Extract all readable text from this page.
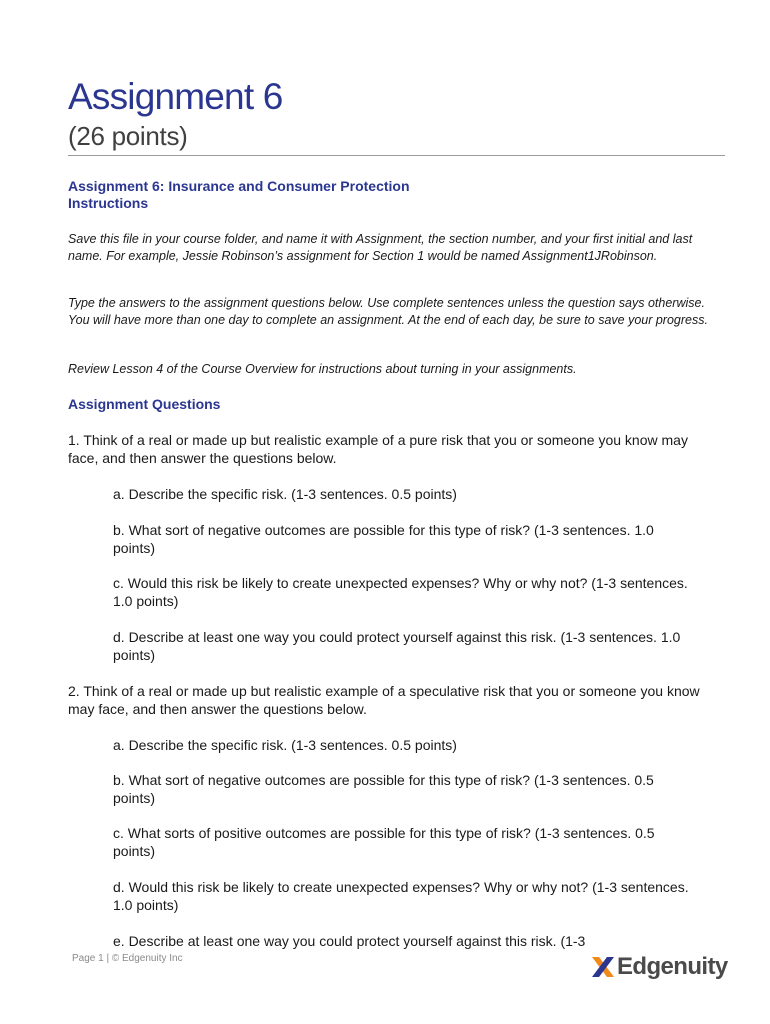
Assignment 6
(26 points)
Assignment 6: Insurance and Consumer Protection
Instructions
Save this file in your course folder, and name it with Assignment, the section number, and your first initial and last name. For example, Jessie Robinson’s assignment for Section 1 would be named Assignment1JRobinson.
Type the answers to the assignment questions below. Use complete sentences unless the question says otherwise. You will have more than one day to complete an assignment. At the end of each day, be sure to save your progress.
Review Lesson 4 of the Course Overview for instructions about turning in your assignments.
Assignment Questions
1. Think of a real or made up but realistic example of a pure risk that you or someone you know may face, and then answer the questions below.
a. Describe the specific risk. (1-3 sentences. 0.5 points)
b. What sort of negative outcomes are possible for this type of risk? (1-3 sentences. 1.0 points)
c. Would this risk be likely to create unexpected expenses? Why or why not? (1-3 sentences. 1.0 points)
d. Describe at least one way you could protect yourself against this risk. (1-3 sentences. 1.0 points)
2. Think of a real or made up but realistic example of a speculative risk that you or someone you know may face, and then answer the questions below.
a. Describe the specific risk. (1-3 sentences. 0.5 points)
b. What sort of negative outcomes are possible for this type of risk? (1-3 sentences. 0.5 points)
c. What sorts of positive outcomes are possible for this type of risk? (1-3 sentences. 0.5 points)
d. Would this risk be likely to create unexpected expenses? Why or why not? (1-3 sentences. 1.0 points)
e. Describe at least one way you could protect yourself against this risk. (1-3
Page 1 | © Edgenuity Inc	Edgenuity
